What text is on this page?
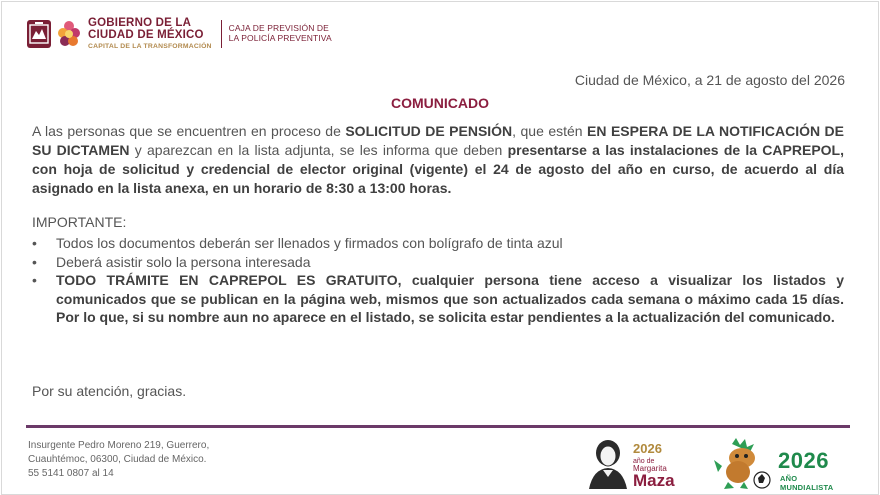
GOBIERNO DE LA
CIUDAD DE MÉXICO
CAPITAL DE LA TRANSFORMACIÓN
CAJA DE PREVISIÓN DE
LA POLICÍA PREVENTIVA
Ciudad de México, a 21 de agosto del 2026
COMUNICADO
A las personas que se encuentren en proceso de SOLICITUD DE PENSIÓN, que estén EN ESPERA DE LA NOTIFICACIÓN DE SU DICTAMEN y aparezcan en la lista adjunta, se les informa que deben presentarse a las instalaciones de la CAPREPOL, con hoja de solicitud y credencial de elector original (vigente) el 24 de agosto del año en curso, de acuerdo al día asignado en la lista anexa, en un horario de 8:30 a 13:00 horas.
IMPORTANTE:
• Todos los documentos deberán ser llenados y firmados con bolígrafo de tinta azul
• Deberá asistir solo la persona interesada
• TODO TRÁMITE EN CAPREPOL ES GRATUITO, cualquier persona tiene acceso a visualizar los listados y comunicados que se publican en la página web, mismos que son actualizados cada semana o máximo cada 15 días. Por lo que, si su nombre aun no aparece en el listado, se solicita estar pendientes a la actualización del comunicado.
Por su atención, gracias.
Insurgente Pedro Moreno 219, Guerrero,
Cuauhtémoc, 06300, Ciudad de México.
55 5141 0807 al 14
2026
año de
Margarita
Maza
2026
AÑO MUNDIALISTA
